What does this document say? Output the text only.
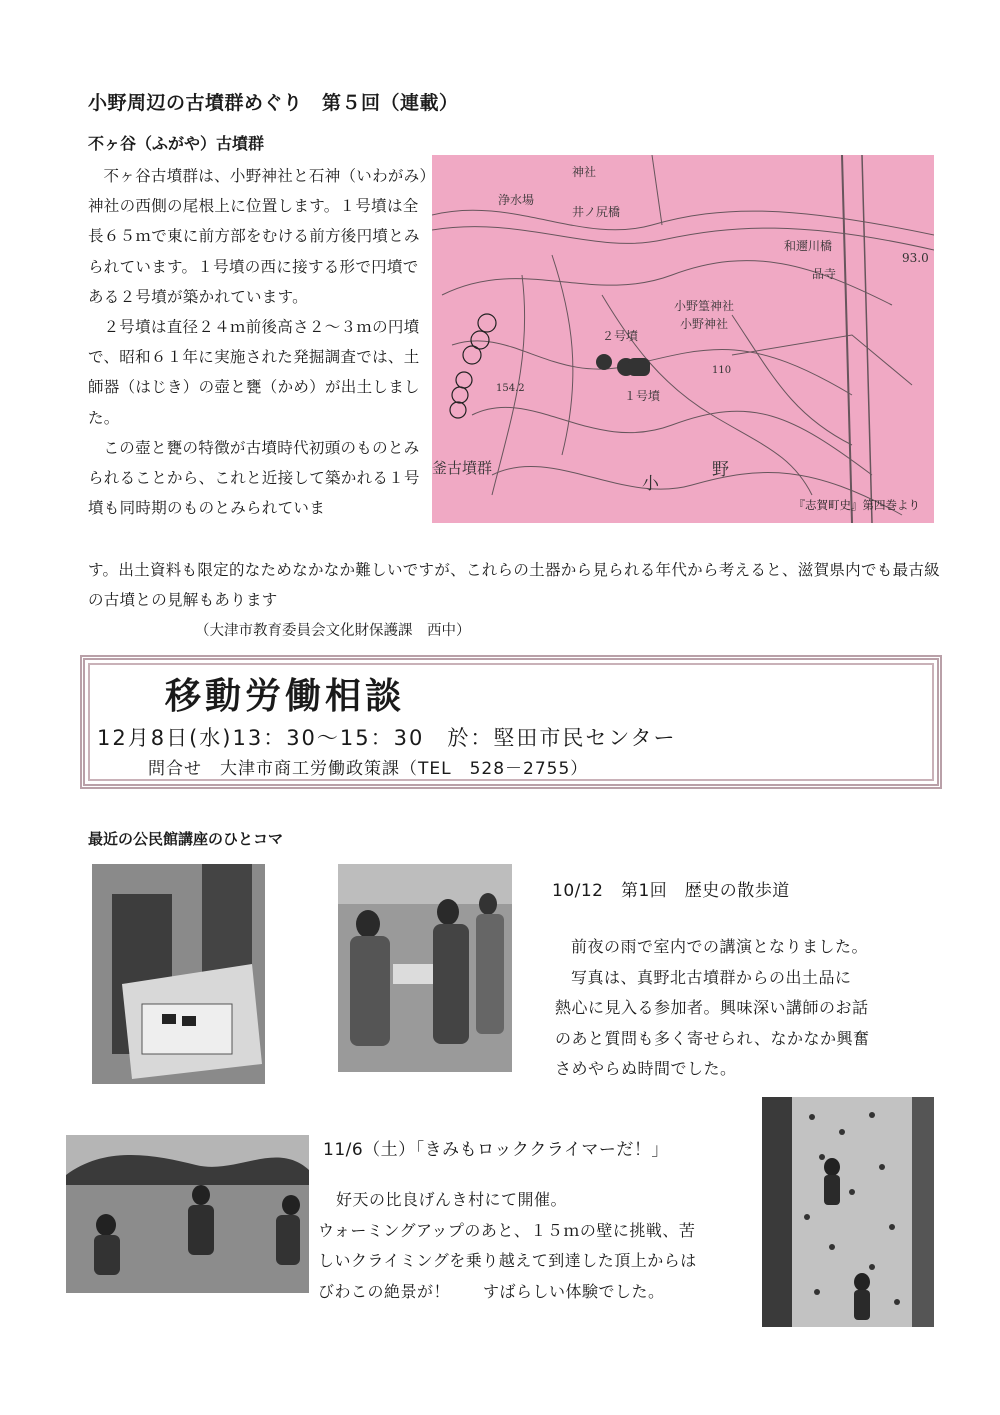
小野周辺の古墳群めぐり　第５回（連載）
不ヶ谷（ふがや）古墳群

不ヶ谷古墳群は、小野神社と石神（いわがみ）神社の西側の尾根上に位置します。１号墳は全長６５ｍで東に前方部をむける前方後円墳とみられています。１号墳の西に接する形で円墳である２号墳が築かれています。

２号墳は直径２４ｍ前後高さ２～３ｍの円墳で、昭和６１年に実施された発掘調査では、土師器（はじき）の壺と甕（かめ）が出土しました。

この壺と甕の特徴が古墳時代初頭のものとみられることから、これと近接して築かれる１号墳も同時期のものとみられていま

浄水場
神社
井ノ尻橋
和邇川橋
93.0
品寺
小野篁神社
小野神社
２号墳
１号墳
154.2
110
釜古墳群
小
野
『志賀町史』第四巻より
す。出土資料も限定的なためなかなか難しいですが、これらの土器から見られる年代から考えると、滋賀県内でも最古級の古墳との見解もあります
（大津市教育委員会文化財保護課　西中）
移動労働相談
12月8日(水)13：30～15：30　於：堅田市民センター
問合せ　大津市商工労働政策課（TEL　528－2755）
最近の公民館講座のひとコマ
10/12　第1回　歴史の散歩道

前夜の雨で室内での講演となりました。

写真は、真野北古墳群からの出土品に

熱心に見入る参加者。興味深い講師のお話

のあと質問も多く寄せられ、なかなか興奮

さめやらぬ時間でした。

11/6（土）「きみもロッククライマーだ！」

好天の比良げんき村にて開催。

ウォーミングアップのあと、１５ｍの壁に挑戦、苦

しいクライミングを乗り越えて到達した頂上からは

びわこの絶景が！　　すばらしい体験でした。
